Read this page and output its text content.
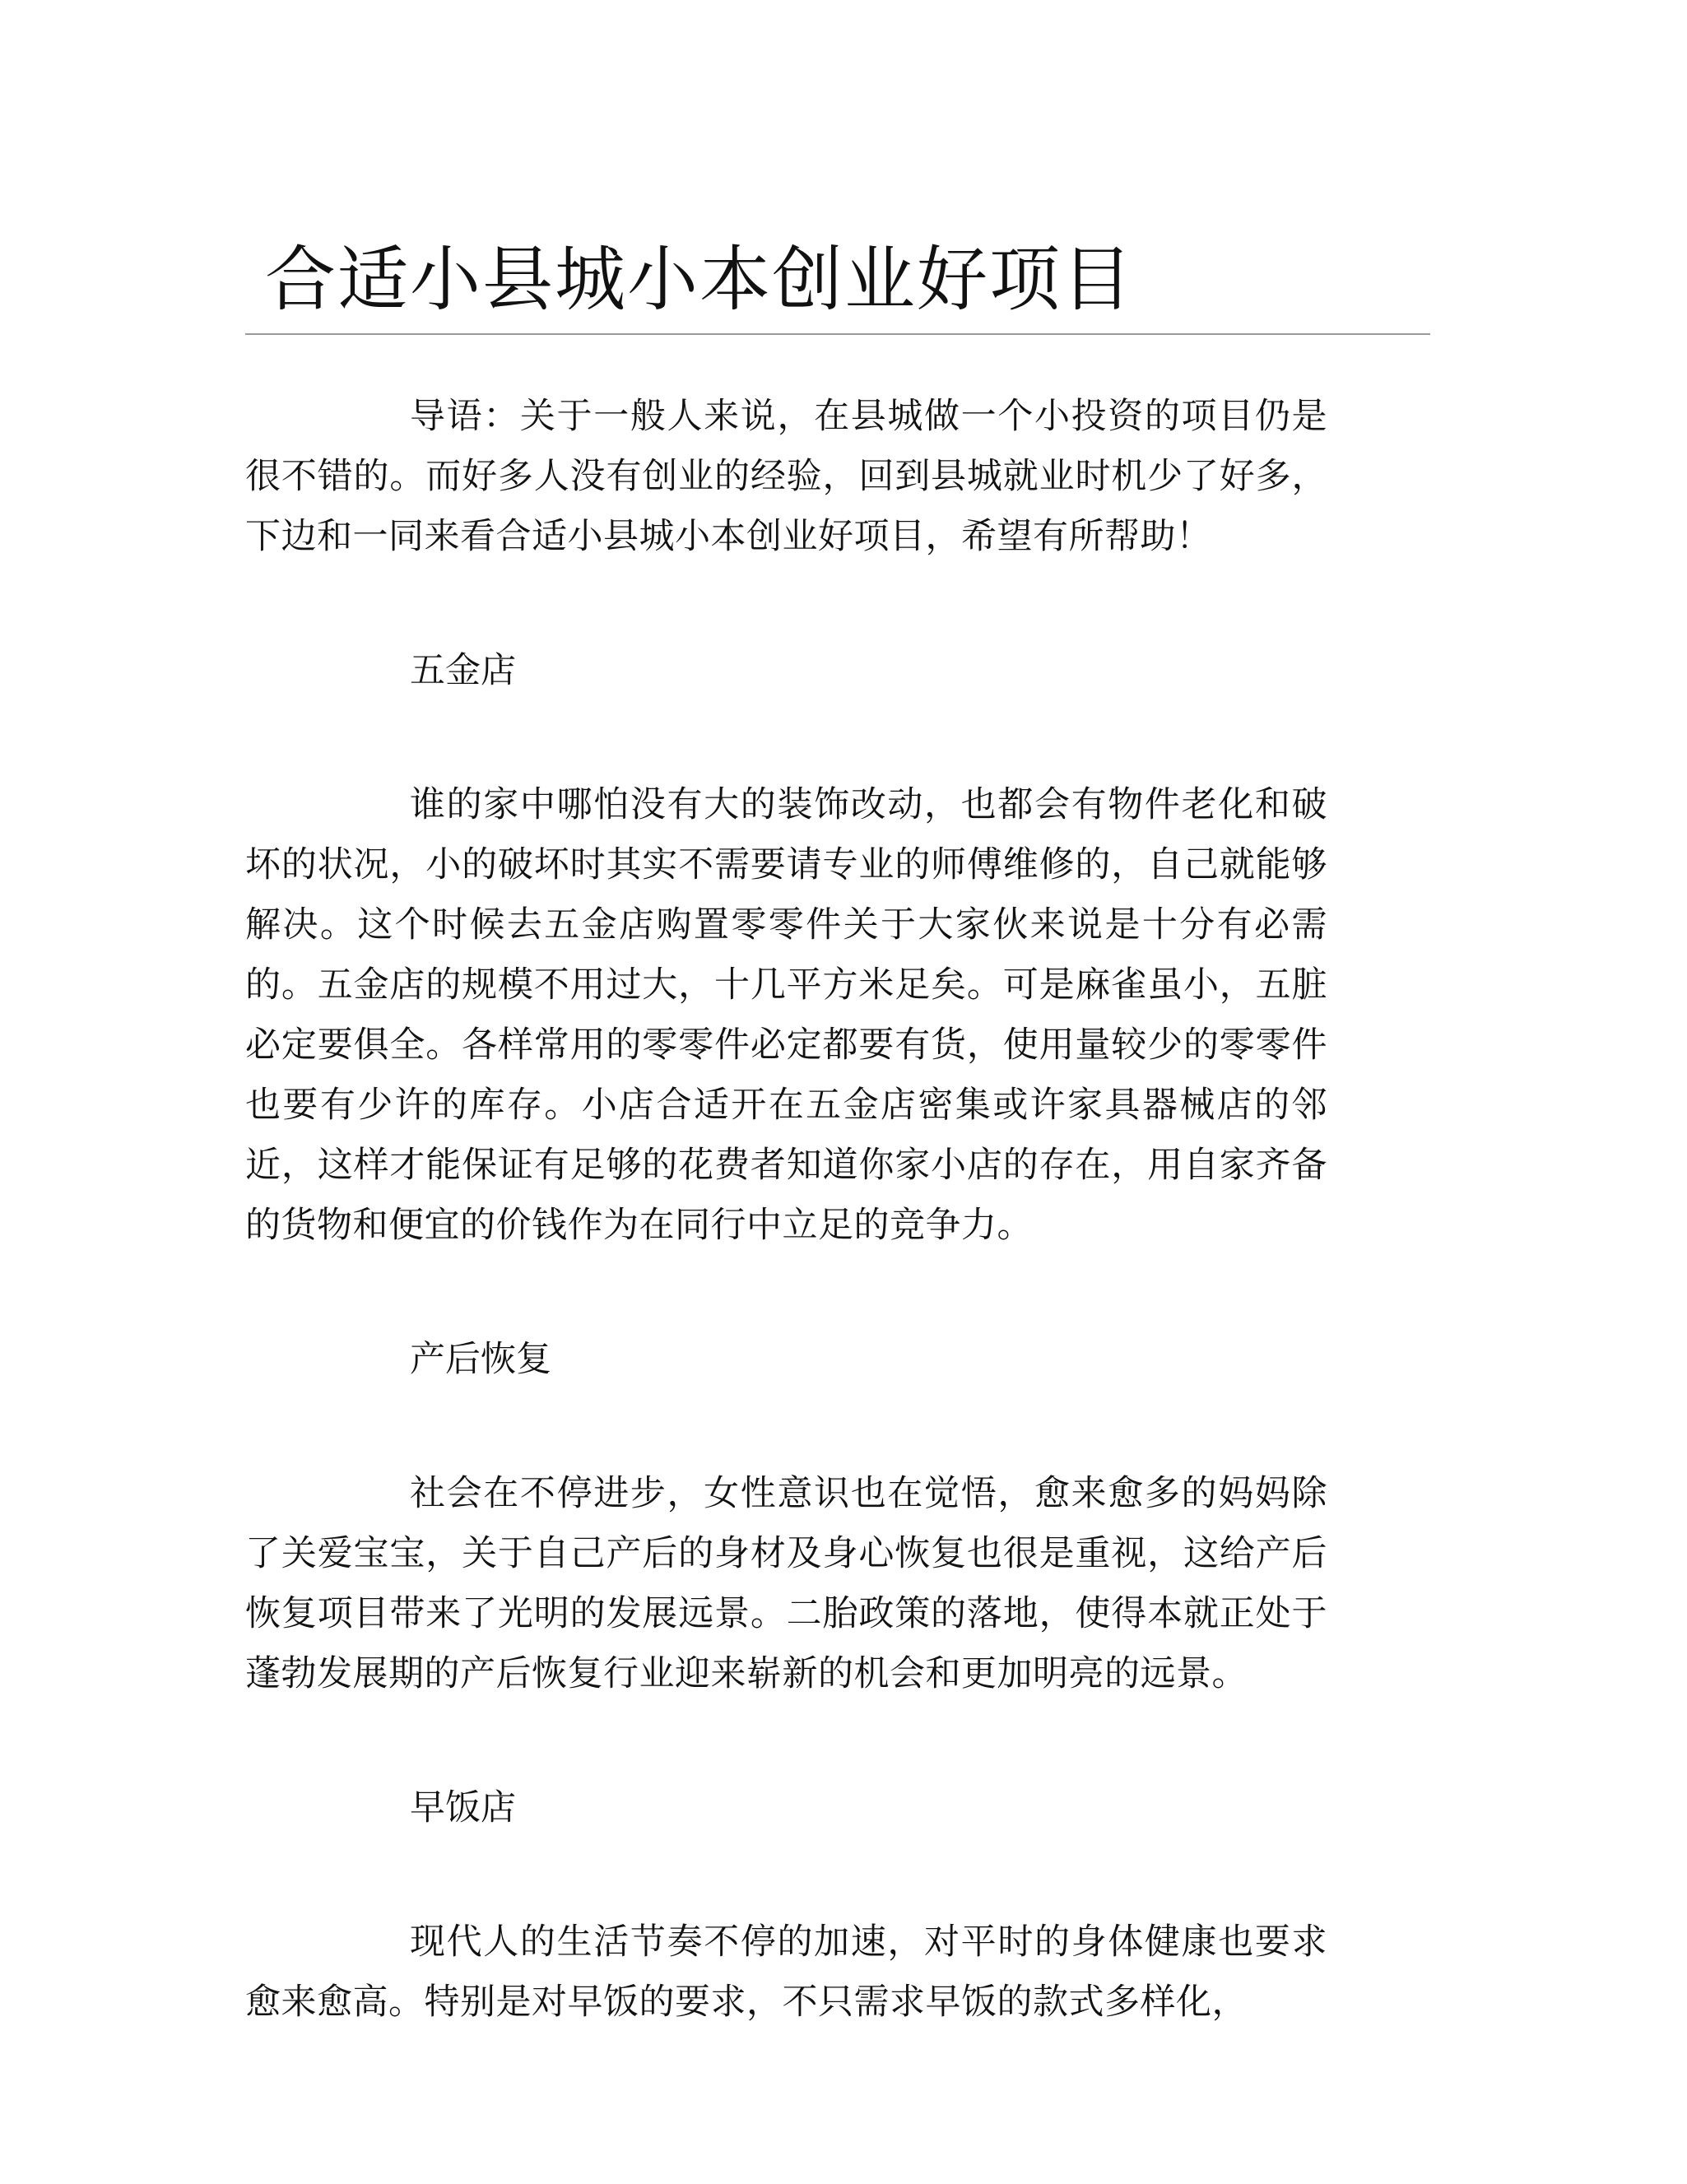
合适小县城小本创业好项目

导语：关于一般人来说，在县城做一个小投资的项目仍是很不错的。而好多人没有创业的经验，回到县城就业时机少了好多，下边和一同来看合适小县城小本创业好项目，希望有所帮助！

五金店

谁的家中哪怕没有大的装饰改动，也都会有物件老化和破坏的状况，小的破坏时其实不需要请专业的师傅维修的，自己就能够解决。这个时候去五金店购置零零件关于大家伙来说是十分有必需的。五金店的规模不用过大，十几平方米足矣。可是麻雀虽小，五脏必定要俱全。各样常用的零零件必定都要有货，使用量较少的零零件也要有少许的库存。小店合适开在五金店密集或许家具器械店的邻近，这样才能保证有足够的花费者知道你家小店的存在，用自家齐备的货物和便宜的价钱作为在同行中立足的竞争力。

产后恢复

社会在不停进步，女性意识也在觉悟，愈来愈多的妈妈除了关爱宝宝，关于自己产后的身材及身心恢复也很是重视，这给产后恢复项目带来了光明的发展远景。二胎政策的落地，使得本就正处于蓬勃发展期的产后恢复行业迎来崭新的机会和更加明亮的远景。

早饭店

现代人的生活节奏不停的加速，对平时的身体健康也要求愈来愈高。特别是对早饭的要求，不只需求早饭的款式多样化，
